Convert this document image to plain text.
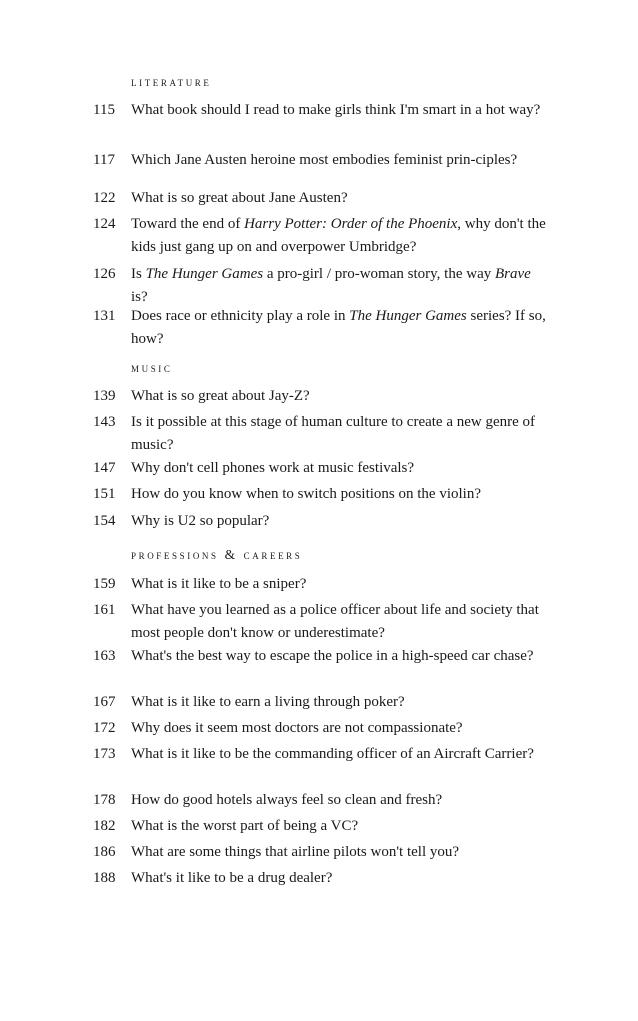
literature
115 What book should I read to make girls think I'm smart in a hot way?

117 Which Jane Austen heroine most embodies feminist prin-ciples?

122 What is so great about Jane Austen?

124 Toward the end of Harry Potter: Order of the Phoenix, why don't the kids just gang up on and overpower Umbridge?

126 Is The Hunger Games a pro-girl / pro-woman story, the way Brave is?

131 Does race or ethnicity play a role in The Hunger Games series? If so, how?

music
139 What is so great about Jay-Z?

143 Is it possible at this stage of human culture to create a new genre of music?

147 Why don't cell phones work at music festivals?

151 How do you know when to switch positions on the violin?

154 Why is U2 so popular?

professions & careers
159 What is it like to be a sniper?

161 What have you learned as a police officer about life and society that most people don't know or underestimate?

163 What's the best way to escape the police in a high-speed car chase?

167 What is it like to earn a living through poker?

172 Why does it seem most doctors are not compassionate?

173 What is it like to be the commanding officer of an Aircraft Carrier?

178 How do good hotels always feel so clean and fresh?

182 What is the worst part of being a VC?

186 What are some things that airline pilots won't tell you?

188 What's it like to be a drug dealer?
